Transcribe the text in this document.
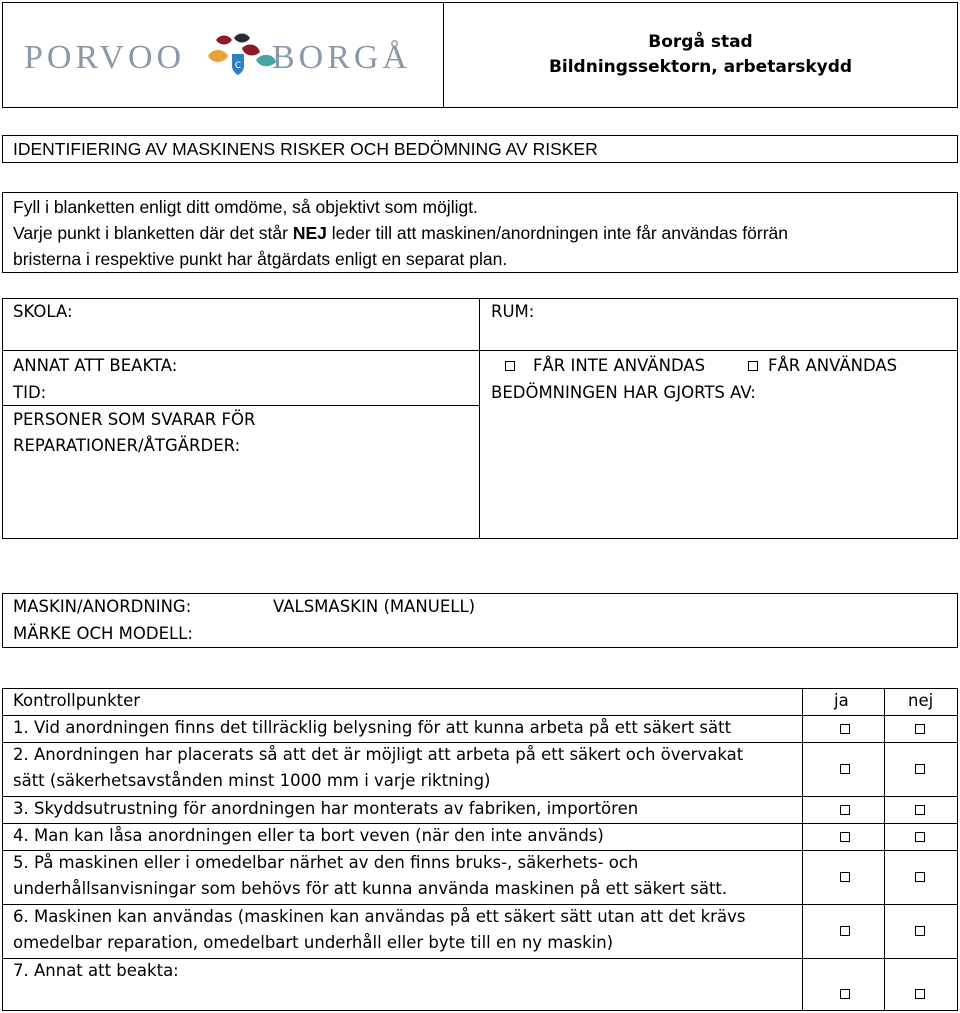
PORVOO	C BORGÅ	Borgå stad
Bildningssektorn, arbetarskydd
IDENTIFIERING AV MASKINENS RISKER OCH BEDÖMNING AV RISKER
Fyll i blanketten enligt ditt omdöme, så objektivt som möjligt.
Varje punkt i blanketten där det står NEJ leder till att maskinen/anordningen inte får användas förrän
bristerna i respektive punkt har åtgärdats enligt en separat plan.
SKOLA:	RUM:
ANNAT ATT BEAKTA:
TID:
PERSONER SOM SVARAR FÖR
REPARATIONER/ÅTGÄRDER:
FÅR INTE ANVÄNDAS	FÅR ANVÄNDAS
BEDÖMNINGEN HAR GJORTS AV:
MASKIN/ANORDNING:	VALSMASKIN (MANUELL)
MÄRKE OCH MODELL:
Kontrollpunkter	ja	nej
1. Vid anordningen finns det tillräcklig belysning för att kunna arbeta på ett säkert sätt
2. Anordningen har placerats så att det är möjligt att arbeta på ett säkert och övervakat
sätt (säkerhetsavstånden minst 1000 mm i varje riktning)
3. Skyddsutrustning för anordningen har monterats av fabriken, importören
4. Man kan låsa anordningen eller ta bort veven (när den inte används)
5. På maskinen eller i omedelbar närhet av den finns bruks-, säkerhets- och
underhållsanvisningar som behövs för att kunna använda maskinen på ett säkert sätt.
6. Maskinen kan användas (maskinen kan användas på ett säkert sätt utan att det krävs
omedelbar reparation, omedelbart underhåll eller byte till en ny maskin)
7. Annat att beakta:
